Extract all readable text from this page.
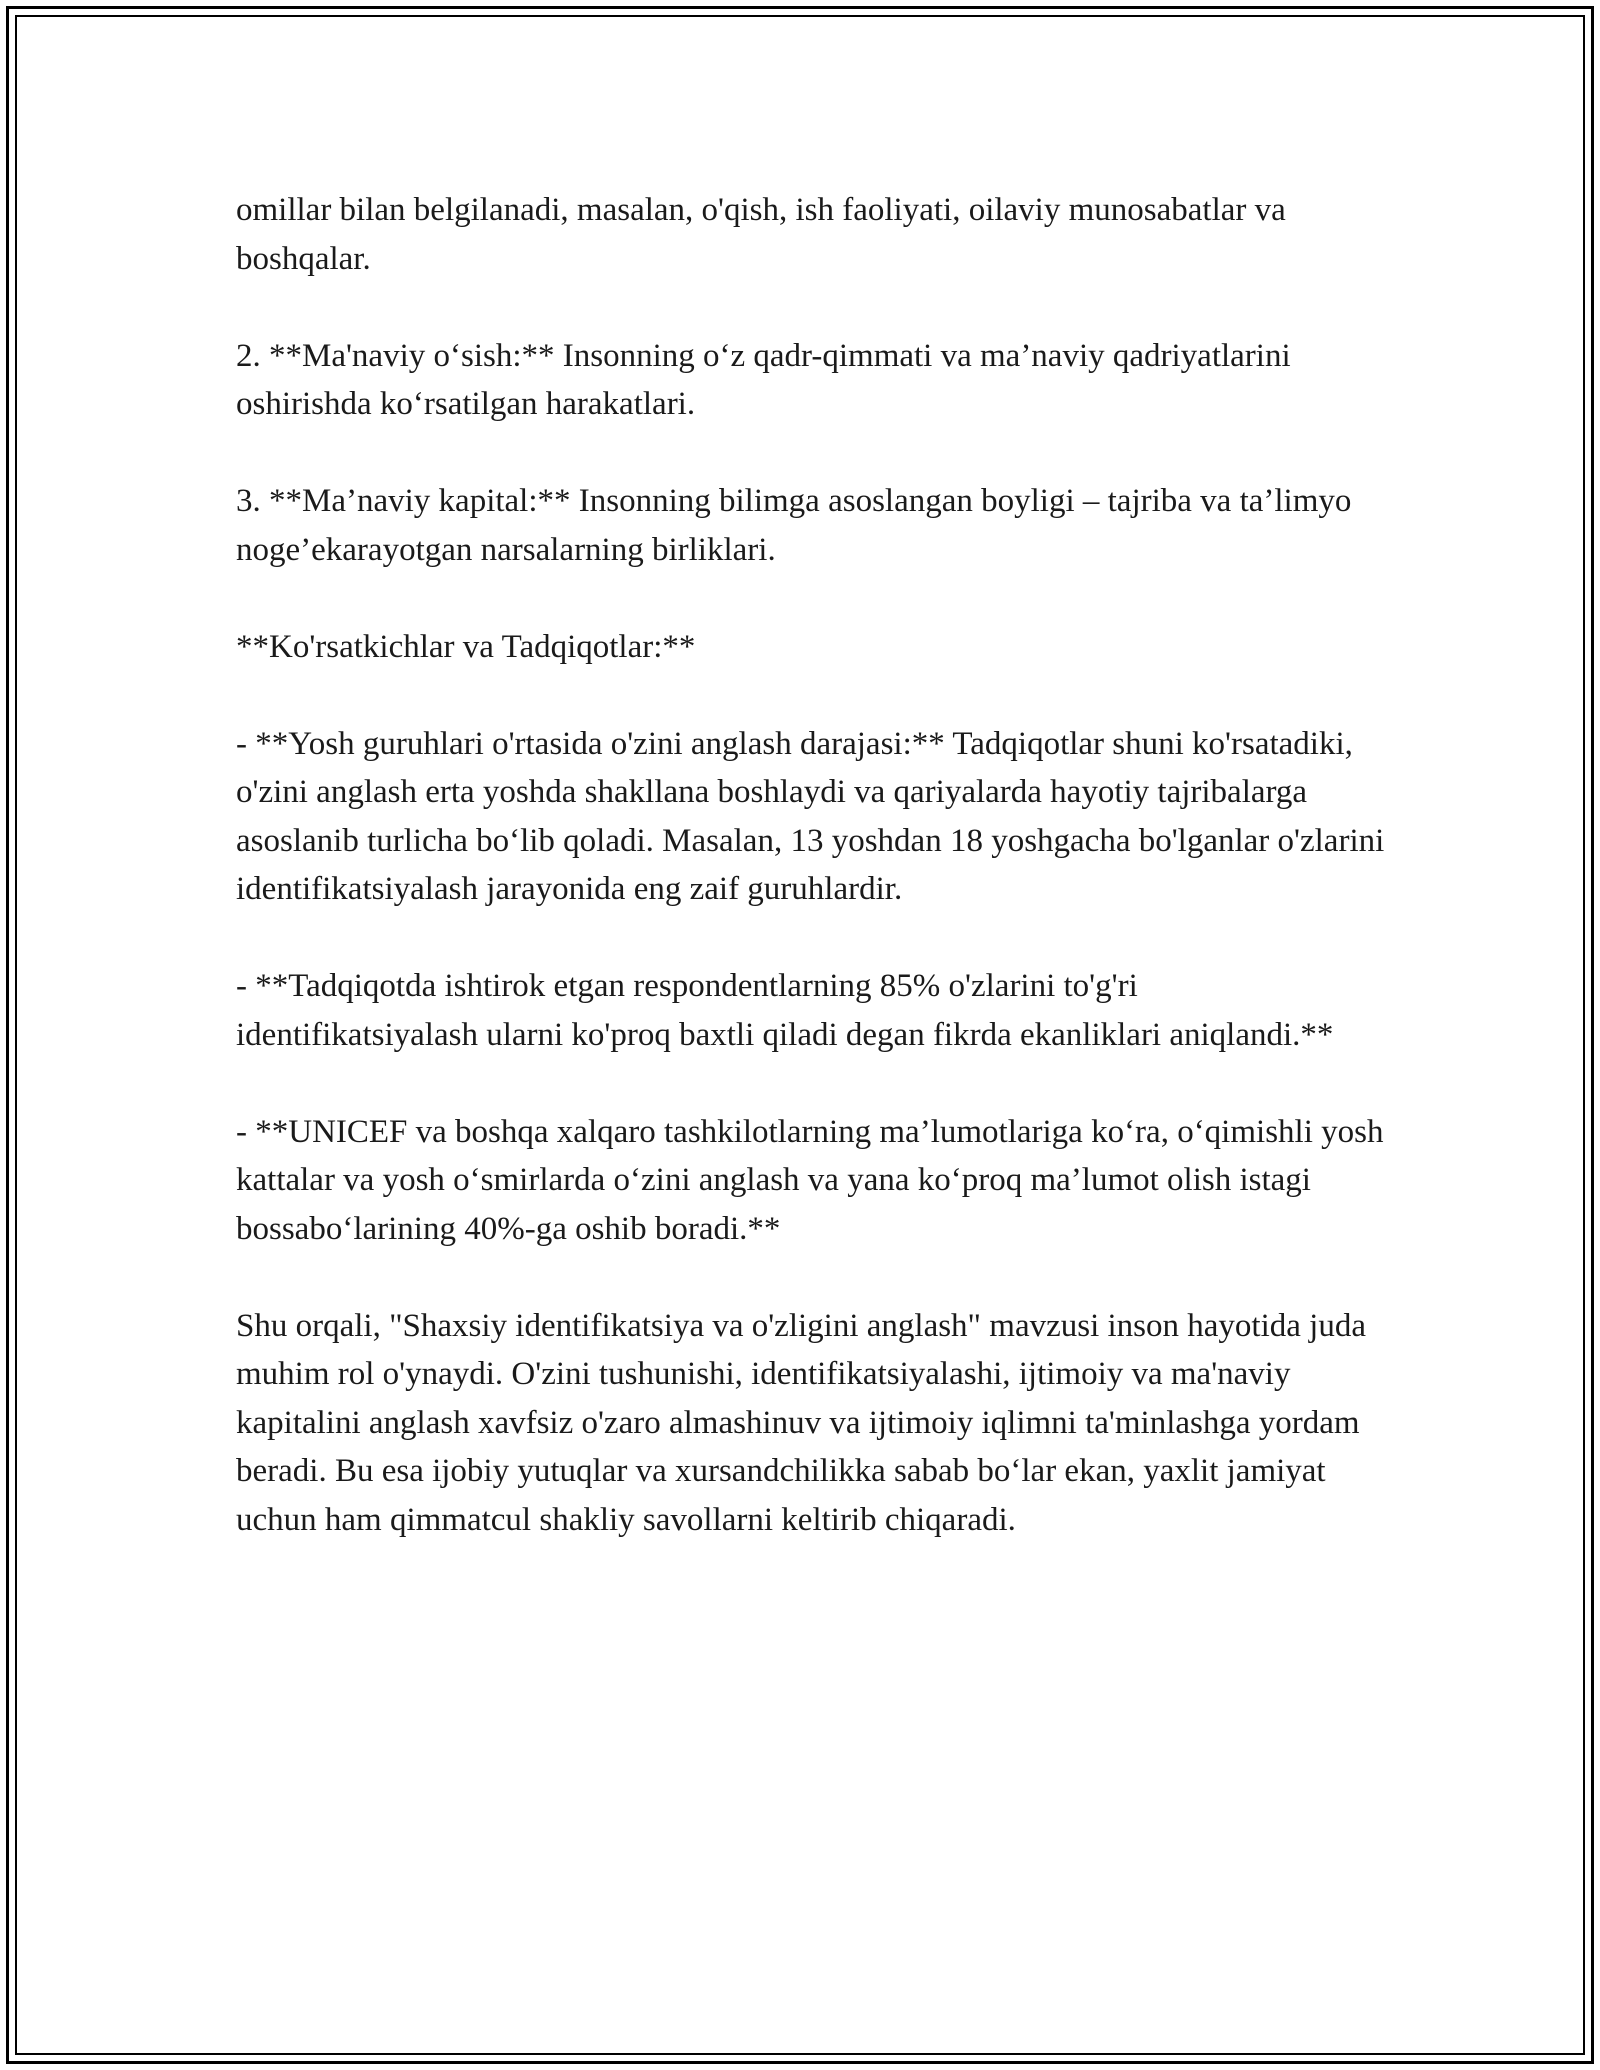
omillar bilan belgilanadi, masalan, o'qish, ish faoliyati, oilaviy munosabatlar va boshqalar.

2. **Ma'naviy o‘sish:** Insonning o‘z qadr-qimmati va ma’naviy qadriyatlarini oshirishda ko‘rsatilgan harakatlari.

3. **Ma’naviy kapital:** Insonning bilimga asoslangan boyligi – tajriba va ta’limyo noge’ekarayotgan narsalarning birliklari.

**Ko'rsatkichlar va Tadqiqotlar:**

- **Yosh guruhlari o'rtasida o'zini anglash darajasi:** Tadqiqotlar shuni ko'rsatadiki, o'zini anglash erta yoshda shakllana boshlaydi va qariyalarda hayotiy tajribalarga asoslanib turlicha bo‘lib qoladi. Masalan, 13 yoshdan 18 yoshgacha bo'lganlar o'zlarini identifikatsiyalash jarayonida eng zaif guruhlardir.

- **Tadqiqotda ishtirok etgan respondentlarning 85% o'zlarini to'g'ri identifikatsiyalash ularni ko'proq baxtli qiladi degan fikrda ekanliklari aniqlandi.**

- **UNICEF va boshqa xalqaro tashkilotlarning ma’lumotlariga ko‘ra, o‘qimishli yosh kattalar va yosh o‘smirlarda o‘zini anglash va yana ko‘proq ma’lumot olish istagi bossabo‘larining 40%-ga oshib boradi.**

Shu orqali, "Shaxsiy identifikatsiya va o'zligini anglash" mavzusi inson hayotida juda muhim rol o'ynaydi. O'zini tushunishi, identifikatsiyalashi, ijtimoiy va ma'naviy kapitalini anglash xavfsiz o'zaro almashinuv va ijtimoiy iqlimni ta'minlashga yordam beradi. Bu esa ijobiy yutuqlar va xursandchilikka sabab bo‘lar ekan, yaxlit jamiyat uchun ham qimmatcul shakliy savollarni keltirib chiqaradi.
